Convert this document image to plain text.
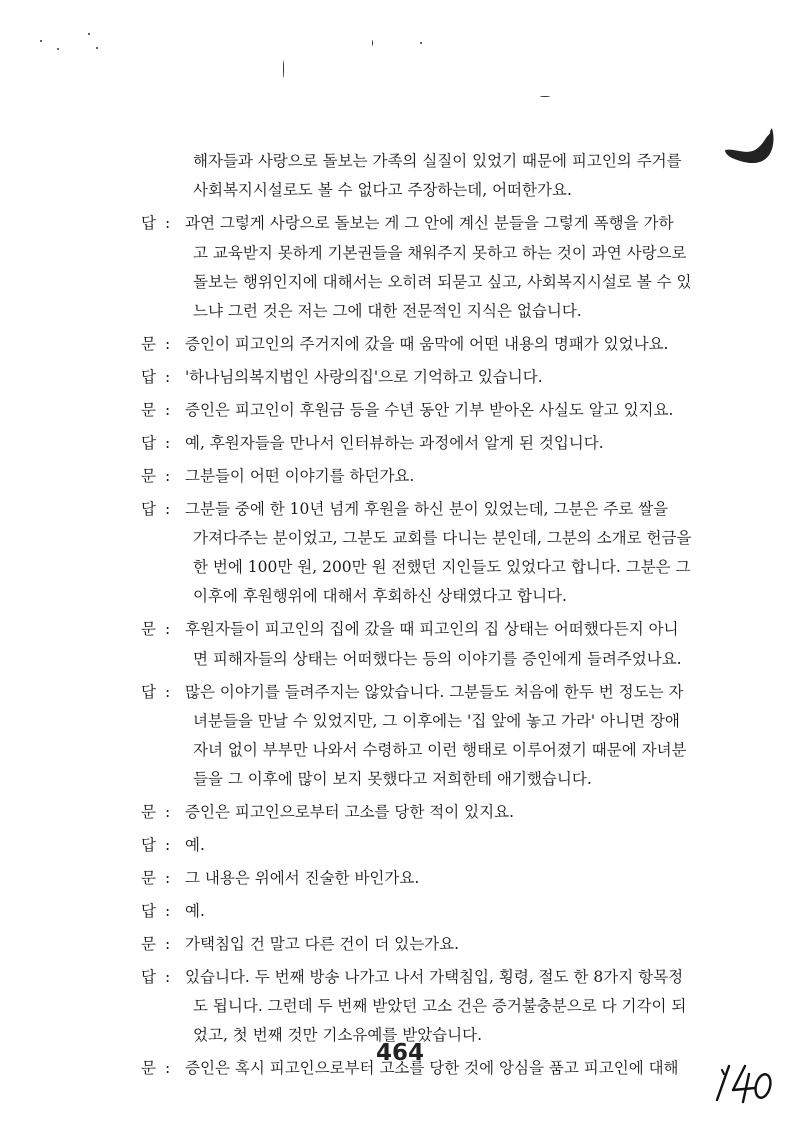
해자들과 사랑으로 돌보는 가족의 실질이 있었기 때문에 피고인의 주거를
사회복지시설로도 볼 수 없다고 주장하는데, 어떠한가요.
답 : 과연 그렇게 사랑으로 돌보는 게 그 안에 계신 분들을 그렇게 폭행을 가하
고 교육받지 못하게 기본권들을 채워주지 못하고 하는 것이 과연 사랑으로
돌보는 행위인지에 대해서는 오히려 되묻고 싶고, 사회복지시설로 볼 수 있
느냐 그런 것은 저는 그에 대한 전문적인 지식은 없습니다.
문 : 증인이 피고인의 주거지에 갔을 때 움막에 어떤 내용의 명패가 있었나요.
답 : '하나님의복지법인 사랑의집'으로 기억하고 있습니다.
문 : 증인은 피고인이 후원금 등을 수년 동안 기부 받아온 사실도 알고 있지요.
답 : 예, 후원자들을 만나서 인터뷰하는 과정에서 알게 된 것입니다.
문 : 그분들이 어떤 이야기를 하던가요.
답 : 그분들 중에 한 10년 넘게 후원을 하신 분이 있었는데, 그분은 주로 쌀을
가져다주는 분이었고, 그분도 교회를 다니는 분인데, 그분의 소개로 헌금을
한 번에 100만 원, 200만 원 전했던 지인들도 있었다고 합니다. 그분은 그
이후에 후원행위에 대해서 후회하신 상태였다고 합니다.
문 : 후원자들이 피고인의 집에 갔을 때 피고인의 집 상태는 어떠했다든지 아니
면 피해자들의 상태는 어떠했다는 등의 이야기를 증인에게 들려주었나요.
답 : 많은 이야기를 들려주지는 않았습니다. 그분들도 처음에 한두 번 정도는 자
녀분들을 만날 수 있었지만, 그 이후에는 '집 앞에 놓고 가라' 아니면 장애
자녀 없이 부부만 나와서 수령하고 이런 행태로 이루어졌기 때문에 자녀분
들을 그 이후에 많이 보지 못했다고 저희한테 애기했습니다.
문 : 증인은 피고인으로부터 고소를 당한 적이 있지요.
답 : 예.
문 : 그 내용은 위에서 진술한 바인가요.
답 : 예.
문 : 가택침입 건 말고 다른 건이 더 있는가요.
답 : 있습니다. 두 번째 방송 나가고 나서 가택침입, 횡령, 절도 한 8가지 항목정
도 됩니다. 그런데 두 번째 받았던 고소 건은 증거불충분으로 다 기각이 되
었고, 첫 번째 것만 기소유예를 받았습니다.
문 : 증인은 혹시 피고인으로부터 고소를 당한 것에 앙심을 품고 피고인에 대해
464
